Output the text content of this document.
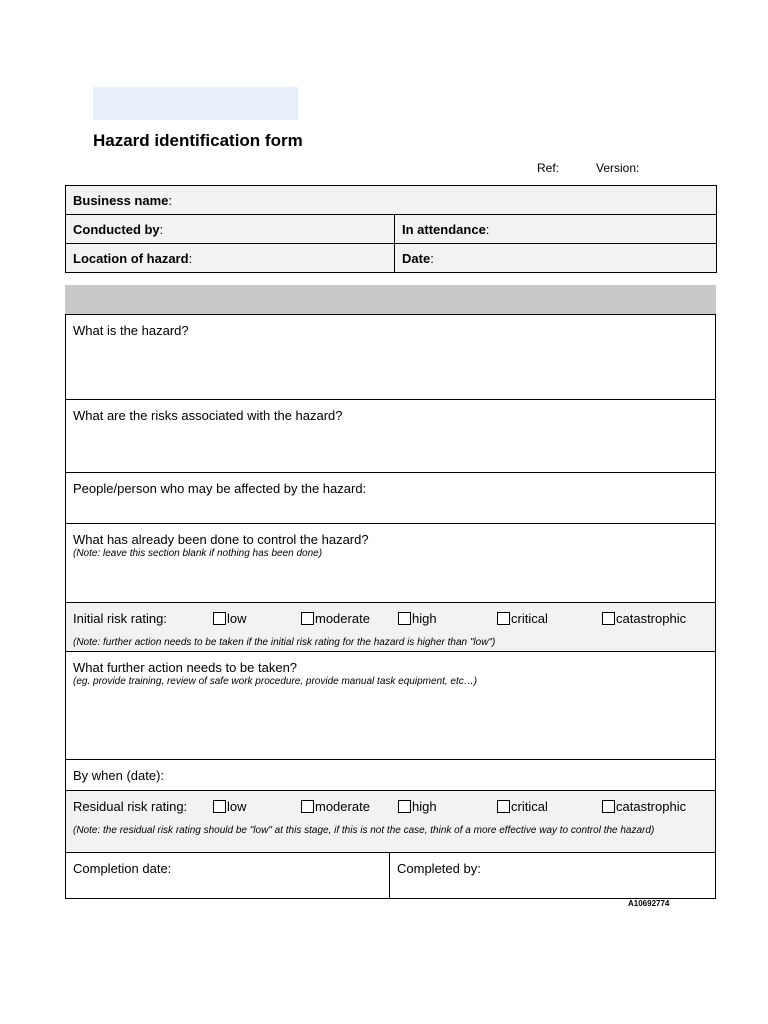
Hazard identification form
Ref:	Version:
Business name:	
Conducted by:	In attendance:
Location of hazard:	Date:
What is the hazard?
What are the risks associated with the hazard?
People/person who may be affected by the hazard:
What has already been done to control the hazard?
(Note: leave this section blank if nothing has been done)
Initial risk rating:	low	moderate	high	critical	catastrophic
(Note: further action needs to be taken if the initial risk rating for the hazard is higher than "low")
What further action needs to be taken?
(eg. provide training, review of safe work procedure, provide manual task equipment, etc…)
By when (date):
Residual risk rating:	low	moderate	high	critical	catastrophic
(Note: the residual risk rating should be "low" at this stage, if this is not the case, think of a more effective way to control the hazard)
Completion date:	Completed by:
A10692774
